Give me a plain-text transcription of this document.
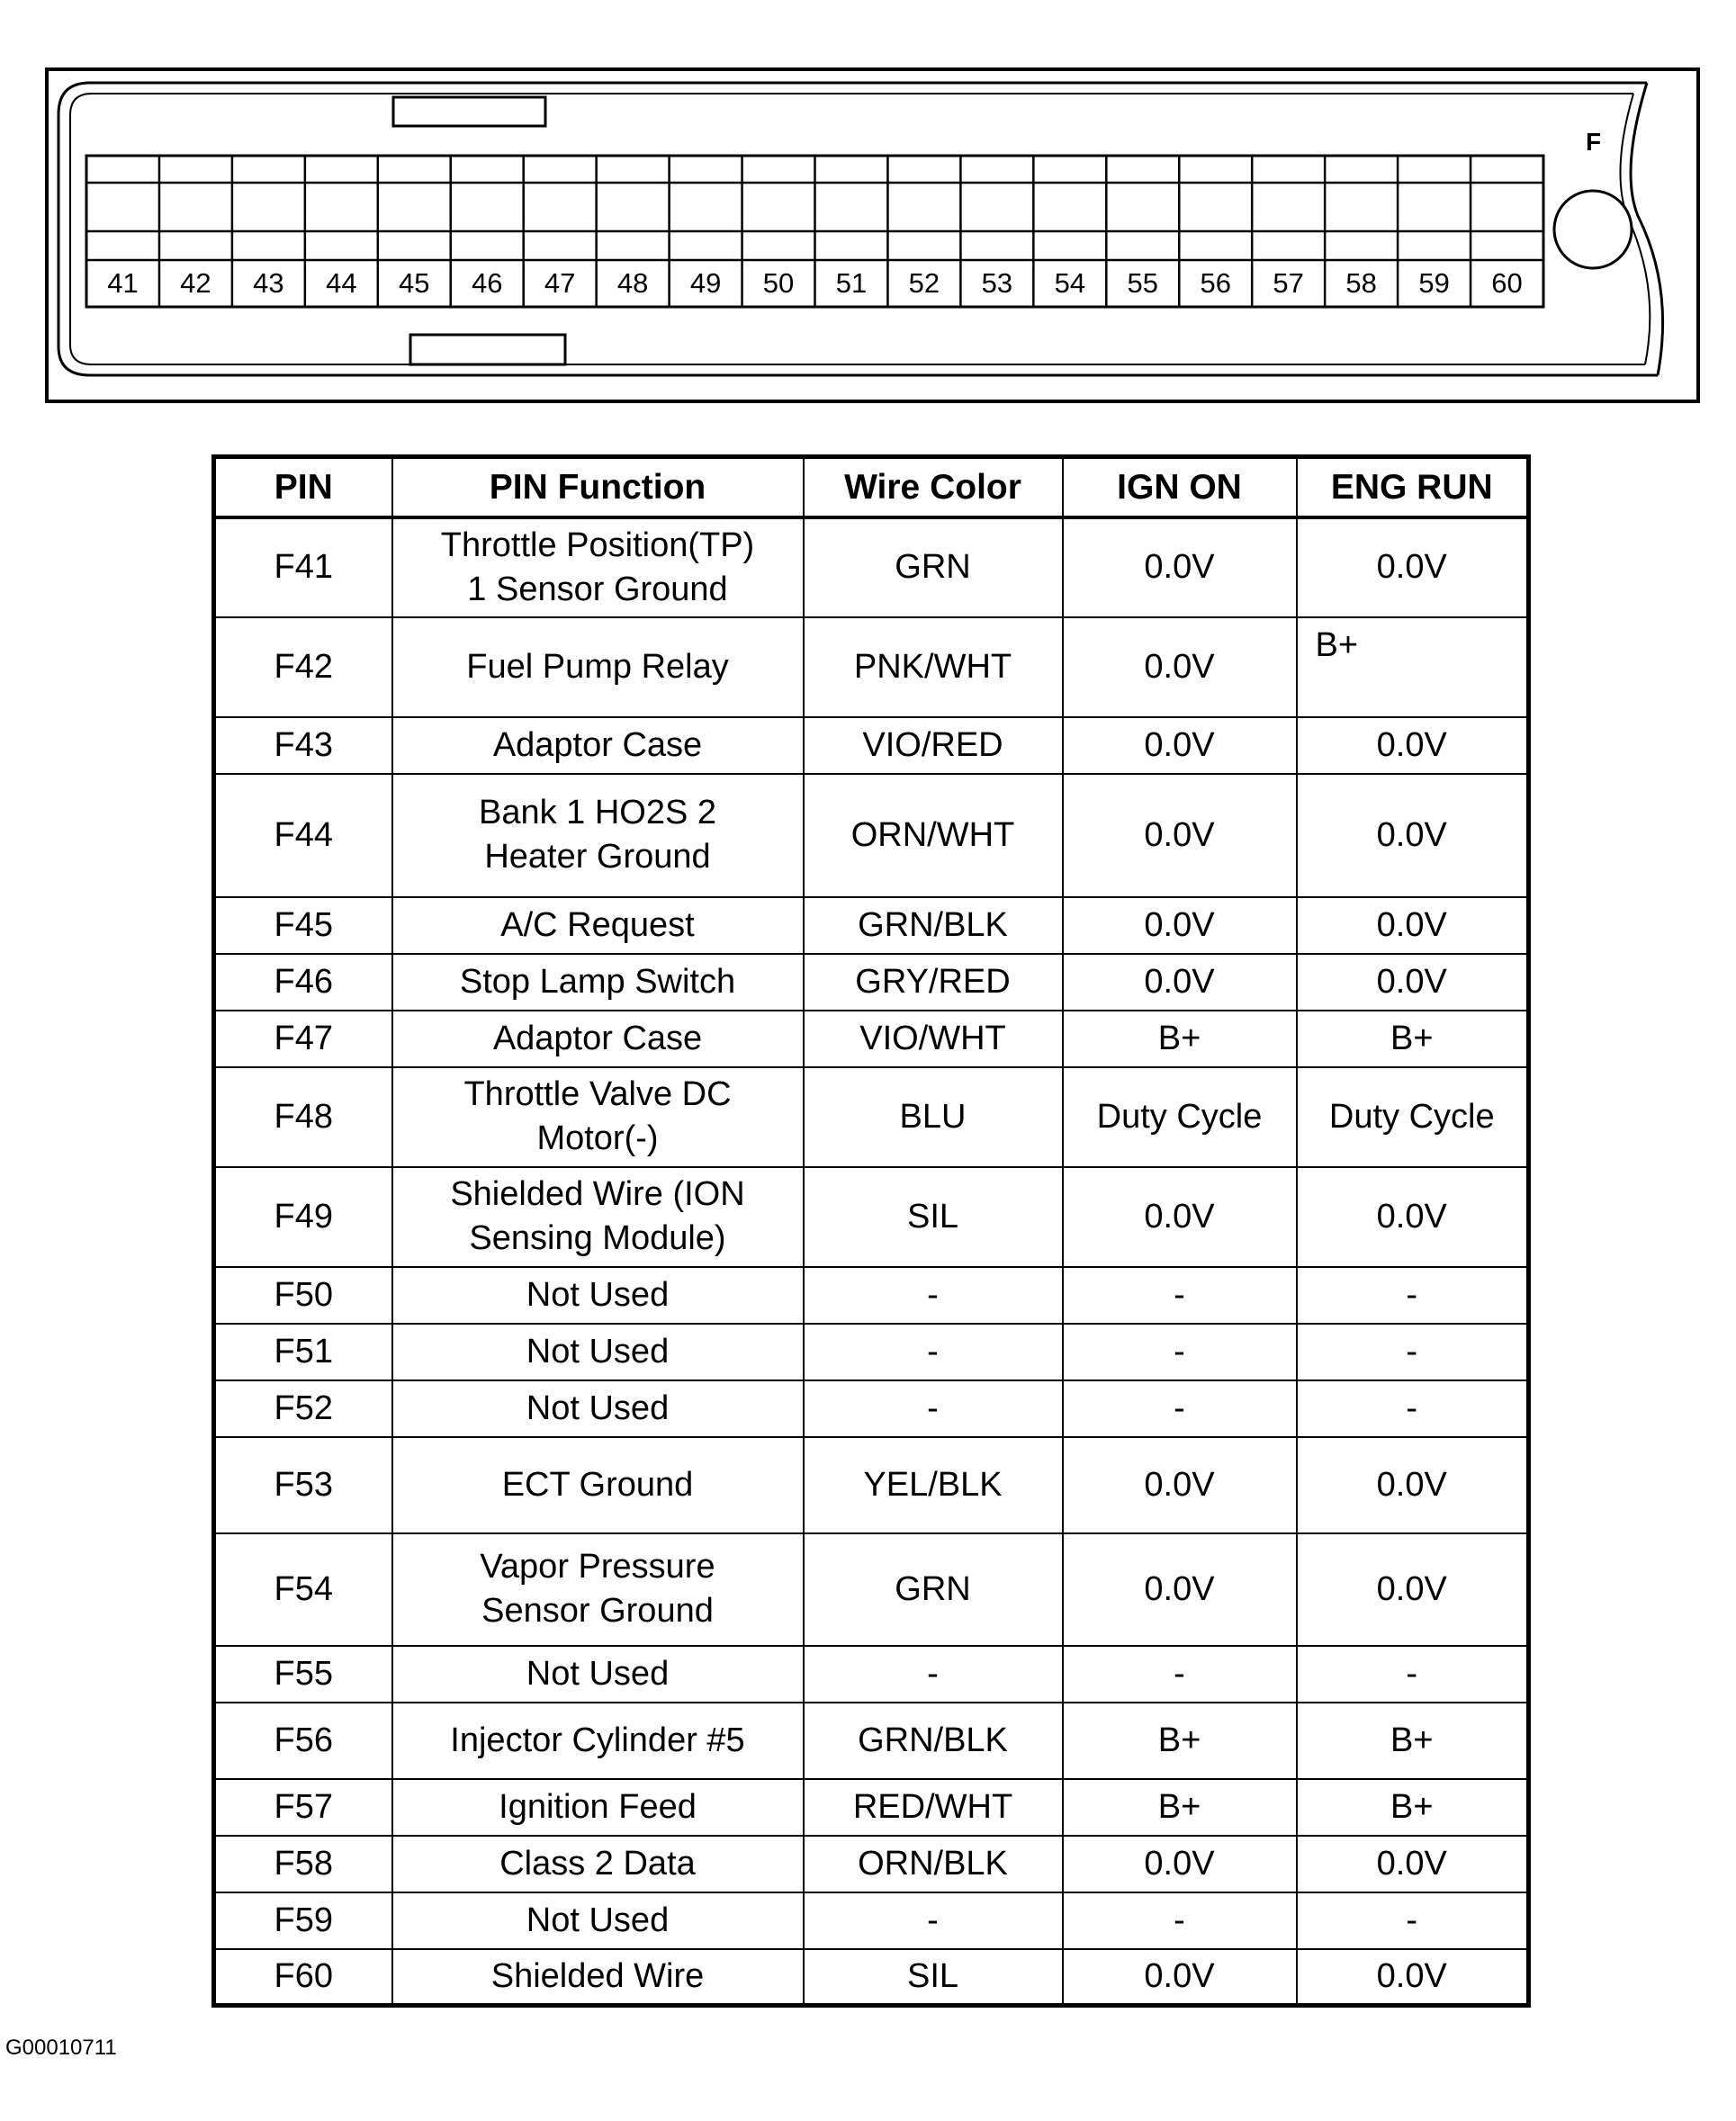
F
41 42 43 44 45 46 47 48 49 50 51 52 53 54 55 56 57 58 59 60
PIN	PIN Function	Wire Color	IGN ON	ENG RUN
F41	Throttle Position(TP)
1 Sensor Ground	GRN	0.0V	0.0V
F42	Fuel Pump Relay	PNK/WHT	0.0V	B+
F43	Adaptor Case	VIO/RED	0.0V	0.0V
F44	Bank 1 HO2S 2
Heater Ground	ORN/WHT	0.0V	0.0V
F45	A/C Request	GRN/BLK	0.0V	0.0V
F46	Stop Lamp Switch	GRY/RED	0.0V	0.0V
F47	Adaptor Case	VIO/WHT	B+	B+
F48	Throttle Valve DC
Motor(-)	BLU	Duty Cycle	Duty Cycle
F49	Shielded Wire (ION
Sensing Module)	SIL	0.0V	0.0V
F50	Not Used	-	-	-
F51	Not Used	-	-	-
F52	Not Used	-	-	-
F53	ECT Ground	YEL/BLK	0.0V	0.0V
F54	Vapor Pressure
Sensor Ground	GRN	0.0V	0.0V
F55	Not Used	-	-	-
F56	Injector Cylinder #5	GRN/BLK	B+	B+
F57	Ignition Feed	RED/WHT	B+	B+
F58	Class 2 Data	ORN/BLK	0.0V	0.0V
F59	Not Used	-	-	-
F60	Shielded Wire	SIL	0.0V	0.0V
G00010711
